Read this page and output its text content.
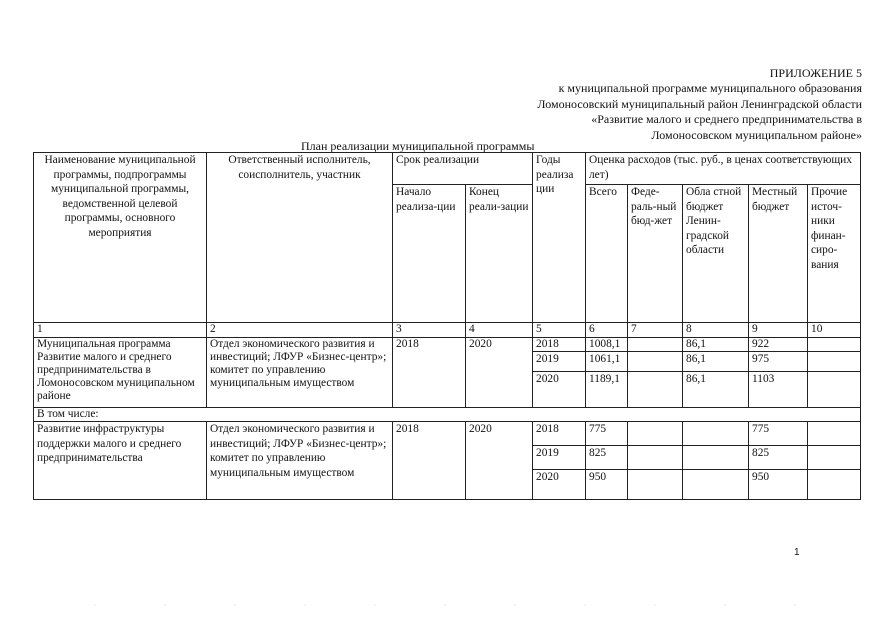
ПРИЛОЖЕНИЕ 5
к муниципальной программе муниципального образования
Ломоносовский муниципальный район Ленинградской области
«Развитие малого и среднего предпринимательства в
Ломоносовском муниципальном районе»
План реализации муниципальной программы
Наименование муниципальной программы, подпрограммы муниципальной программы, ведомственной целевой программы, основного мероприятия	Ответственный исполнитель, соисполнитель, участник	Срок реализации		Годы реализа ции	Оценка расходов (тыс. руб., в ценах соответствующих лет)				
		Начало реализа-ции	Конец реали-зации		Всего	Феде-раль-ный бюд-жет	Обла стной бюджет Ленин-градской области	Местный бюджет	Прочие источ-ники финан-сиро-вания
1	2	3	4	5	6	7	8	9	10
Муниципальная программа Развитие малого и среднего предпринимательства в Ломоносовском муниципальном районе	Отдел экономического развития и инвестиций; ЛФУР «Бизнес-центр»; комитет по управлению муниципальным имуществом	2018	2020	2018	1008,1		86,1	922	
				2019	1061,1		86,1	975	
				2020	1189,1		86,1	1103	
В том числе:									
Развитие инфраструктуры поддержки малого и среднего предпринимательства	Отдел экономического развития и инвестиций; ЛФУР «Бизнес-центр»; комитет по управлению муниципальным имуществом	2018	2020	2018	775			775	
				2019	825			825	
				2020	950			950	
1
